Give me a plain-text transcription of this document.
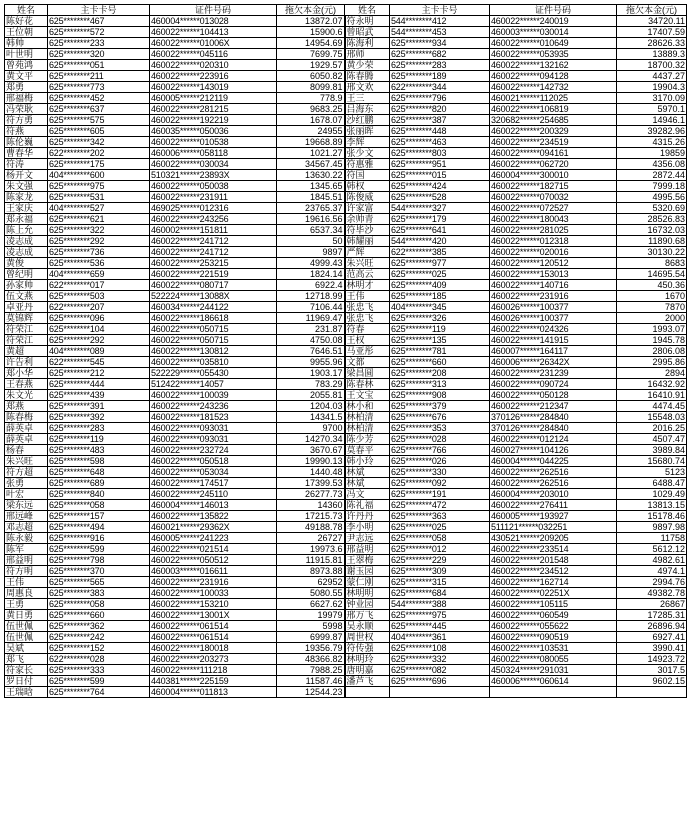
姓名	主卡卡号	证件号码	拖欠本金(元)	姓名	主卡卡号	证件号码	拖欠本金(元)
陈好花	625********467	460004******013028	13872.07	符永明	544********412	460022******240019	34720.11
王位朝	625********572	460022******104413	15900.6	曾昭武	544********453	460003******030014	17407.59
韩帅	625********233	460022******01006X	14954.69	陈海利	625********934	460022******010649	28626.33
叶世明	625********320	460022******045116	7699.75	邢师	625********682	460022******053935	13889.3
曾苑鸿	625********051	460022******020310	1929.57	黄少荣	625********283	460022******132162	18700.32
黄文平	625********211	460022******223916	6050.82	陈春腾	625********189	460022******094128	4437.27
郑勇	625********773	460022******143019	8099.81	邢文欢	622********344	460022******142732	19904.3
邢福梅	625********452	460005******212119	778.9	王三	625********796	460021******112025	3170.09
冯荣耿	625********637	460022******281215	9683.25	吕海东	625********820	460022******106819	5970.1
符方勇	625********575	460022******192219	1678.07	沙红鹏	625********387	320682******254685	14946.1
符燕	625********605	460035******050036	24955	张丽晖	625********448	460022******200329	39282.96
陈伦巍	625********342	460022******010538	19668.89	李辉	625********463	460022******234519	4315.26
曹春华	622********202	460006******058118	1021.27	张少文	625********803	460022******094161	19859
符涛	625********175	460022******030034	34567.45	符惠雅	625********951	460022******062720	4356.08
杨开文	404********600	510321******23893X	13630.22	符国	625********015	460004******300010	2872.44
朱文强	625********975	460022******050038	1345.65	韩权	625********424	460022******182715	7999.18
陈家龙	625********531	460022******231911	1845.51	陈俊威	625********528	460022******070032	4995.56
王家庆	404********527	469025******012316	23765.37	许家富	544********327	460022******072527	5320.69
郑永福	625********621	460022******243256	19616.56	余帅青	625********179	460022******180043	28526.83
陈上允	625********322	460002******151811	6537.34	符毕沙	625********641	460022******281025	16732.03
凌志成	625********292	460022******241712	50	韩耀丽	544********420	460022******012318	11890.68
凌志成	625********736	460022******241712	9897	严辉	622********385	460022******020016	30130.22
黄俊	625********536	460022******253215	4999.43	朱兴旺	625********977	460022******120512	8683
曾纪明	404********659	460022******221519	1824.14	范高云	625********025	460022******153013	14695.54
孙家帅	622********017	460022******080717	6922.4	林明才	625********409	460022******140716	450.36
伍文燕	625********503	522224******13088X	12718.99	王伟	625********185	460022******231916	1670
卓亚丹	622********207	460034******244122	7106.44	张忠飞	404********345	460026******100377	7870
莫锦辉	625********096	460022******186618	11969.47	张忠飞	625********326	460026******100377	2000
符荣江	625********104	460022******050715	231.87	符春	625********119	460022******024326	1993.07
符荣江	625********292	460022******050715	4750.08	王权	625********135	460022******141915	1945.78
黄超	404********089	460022******130812	7646.51	马亚彤	625********781	460007******164117	2806.08
许告利	622********545	460022******035810	9955.96	文都	625********660	460006******26342X	2995.86
郑小华	625********212	522229******055430	1903.17	梁昌圆	625********208	460022******231239	2894
王春燕	625********444	512422******14057	783.29	陈春林	625********313	460022******090724	16432.92
朱文光	625********439	460022******100039	2055.81	王文宝	625********908	460022******050128	16410.91
郑燕	625********391	460022******243236	1204.03	林小和	625********379	460022******212347	4474.45
陈春梅	625********392	460022******181523	14341.5	林柏清	625********676	370126******284840	15548.03
薛英卓	625********283	460022******093031	9700	林柏清	625********353	370126******284840	2016.25
薛英卓	625********119	460022******093031	14270.34	陈少芳	625********028	460022******012124	4507.47
杨春	625********483	460022******232724	3670.67	莫春平	625********766	460027******104126	3989.84
朱兴旺	625********598	460022******050518	19990.13	韩小玲	625********026	460004******044225	15680.74
符方超	625********648	460022******053034	1440.48	林斌	625********330	460022******262516	5123
张勇	625********689	460022******174517	17399.53	林斌	625********092	460022******262516	6488.47
叶宏	625********840	460022******245110	26277.73	冯文	625********191	460004******203010	1029.49
梁东远	625********058	460004******146013	14360	陈礼福	625********472	460022******276411	13813.15
邢远峰	625********157	460022******135822	17215.73	许丹丹	625********363	460005******193927	15178.46
邓志超	625********494	460021******29362X	49188.78	李小明	625********025	511121******032251	9897.98
陈永毅	625********916	460005******241223	26727	尹志远	625********058	430521******209205	11758
陈军	625********599	460022******021514	19973.6	邢益明	625********012	460022******233514	5612.12
邢益明	625********798	460022******050512	11915.81	王翠梅	625********229	460022******201548	4982.61
符方明	625********370	460003******016611	8973.88	谢玉园	625********309	460022******234512	4974.1
王伟	625********565	460022******231916	62952	蒙仁刚	625********315	460022******162714	2994.76
周惠良	625********383	460022******100033	5080.55	林明明	625********684	460022******02251X	49382.78
王勇	625********058	460022******153210	6627.62	钟业园	544********388	460022******105115	26867
黄日勇	625********660	460022******13001X	19979	邢万飞	625********975	460022******060549	17285.31
伍世佩	625********362	460022******061514	5998	吴永顺	625********445	460022******055622	26896.94
伍世佩	625********242	460022******061514	6999.87	周世权	404********361	460022******090519	6927.41
吴斌	625********152	460022******180018	19356.79	符传强	625********108	460022******103531	3990.41
郑飞	622********028	460022******203273	48366.82	林明玲	625********332	460022******080055	14923.72
符家长	625********333	460022******111218	7988.25	唐明嘉	625********082	450324******291031	3017.5
罗日付	625********599	440381******225159	11587.46	潘芦飞	625********696	460006******060614	9602.15
王瑞晗	625********764	460004******011813	12544.23				
